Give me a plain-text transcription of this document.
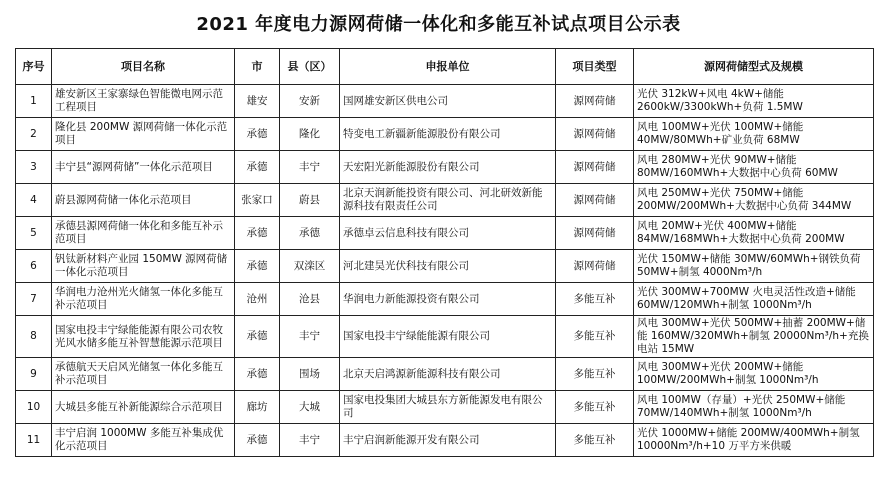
2021 年度电力源网荷储一体化和多能互补试点项目公示表
序号	项目名称	市	县（区）	申报单位	项目类型	源网荷储型式及规模
1	雄安新区王家寨绿色智能微电网示范工程项目	雄安	安新	国网雄安新区供电公司	源网荷储	光伏 312kW+风电 4kW+储能 2600kW/3300kWh+负荷 1.5MW
2	隆化县 200MW 源网荷储一体化示范项目	承德	隆化	特变电工新疆新能源股份有限公司	源网荷储	风电 100MW+光伏 100MW+储能 40MW/80MWh+矿业负荷 68MW
3	丰宁县“源网荷储”一体化示范项目	承德	丰宁	天宏阳光新能源股份有限公司	源网荷储	风电 280MW+光伏 90MW+储能 80MW/160MWh+大数据中心负荷 60MW
4	蔚县源网荷储一体化示范项目	张家口	蔚县	北京天润新能投资有限公司、河北研效新能源科技有限责任公司	源网荷储	风电 250MW+光伏 750MW+储能 200MW/200MWh+大数据中心负荷 344MW
5	承德县源网荷储一体化和多能互补示范项目	承德	承德	承德卓云信息科技有限公司	源网荷储	风电 20MW+光伏 400MW+储能 84MW/168MWh+大数据中心负荷 200MW
6	钒钛新材料产业园 150MW 源网荷储一体化示范项目	承德	双滦区	河北建昊光伏科技有限公司	源网荷储	光伏 150MW+储能 30MW/60MWh+钢铁负荷 50MW+制氢 4000Nm³/h
7	华润电力沧州光火储氢一体化多能互补示范项目	沧州	沧县	华润电力新能源投资有限公司	多能互补	光伏 300MW+700MW 火电灵活性改造+储能 60MW/120MWh+制氢 1000Nm³/h
8	国家电投丰宁绿能能源有限公司农牧光风水储多能互补智慧能源示范项目	承德	丰宁	国家电投丰宁绿能能源有限公司	多能互补	风电 300MW+光伏 500MW+抽蓄 200MW+储能 160MW/320MWh+制氢 20000Nm³/h+充换电站 15MW
9	承德航天天启风光储氢一体化多能互补示范项目	承德	围场	北京天启鸿源新能源科技有限公司	多能互补	风电 300MW+光伏 200MW+储能 100MW/200MWh+制氢 1000Nm³/h
10	大城县多能互补新能源综合示范项目	廊坊	大城	国家电投集团大城县东方新能源发电有限公司	多能互补	风电 100MW（存量）+光伏 250MW+储能 70MW/140MWh+制氢 1000Nm³/h
11	丰宁启润 1000MW 多能互补集成优化示范项目	承德	丰宁	丰宁启润新能源开发有限公司	多能互补	光伏 1000MW+储能 200MW/400MWh+制氢 10000Nm³/h+10 万平方米供暖
